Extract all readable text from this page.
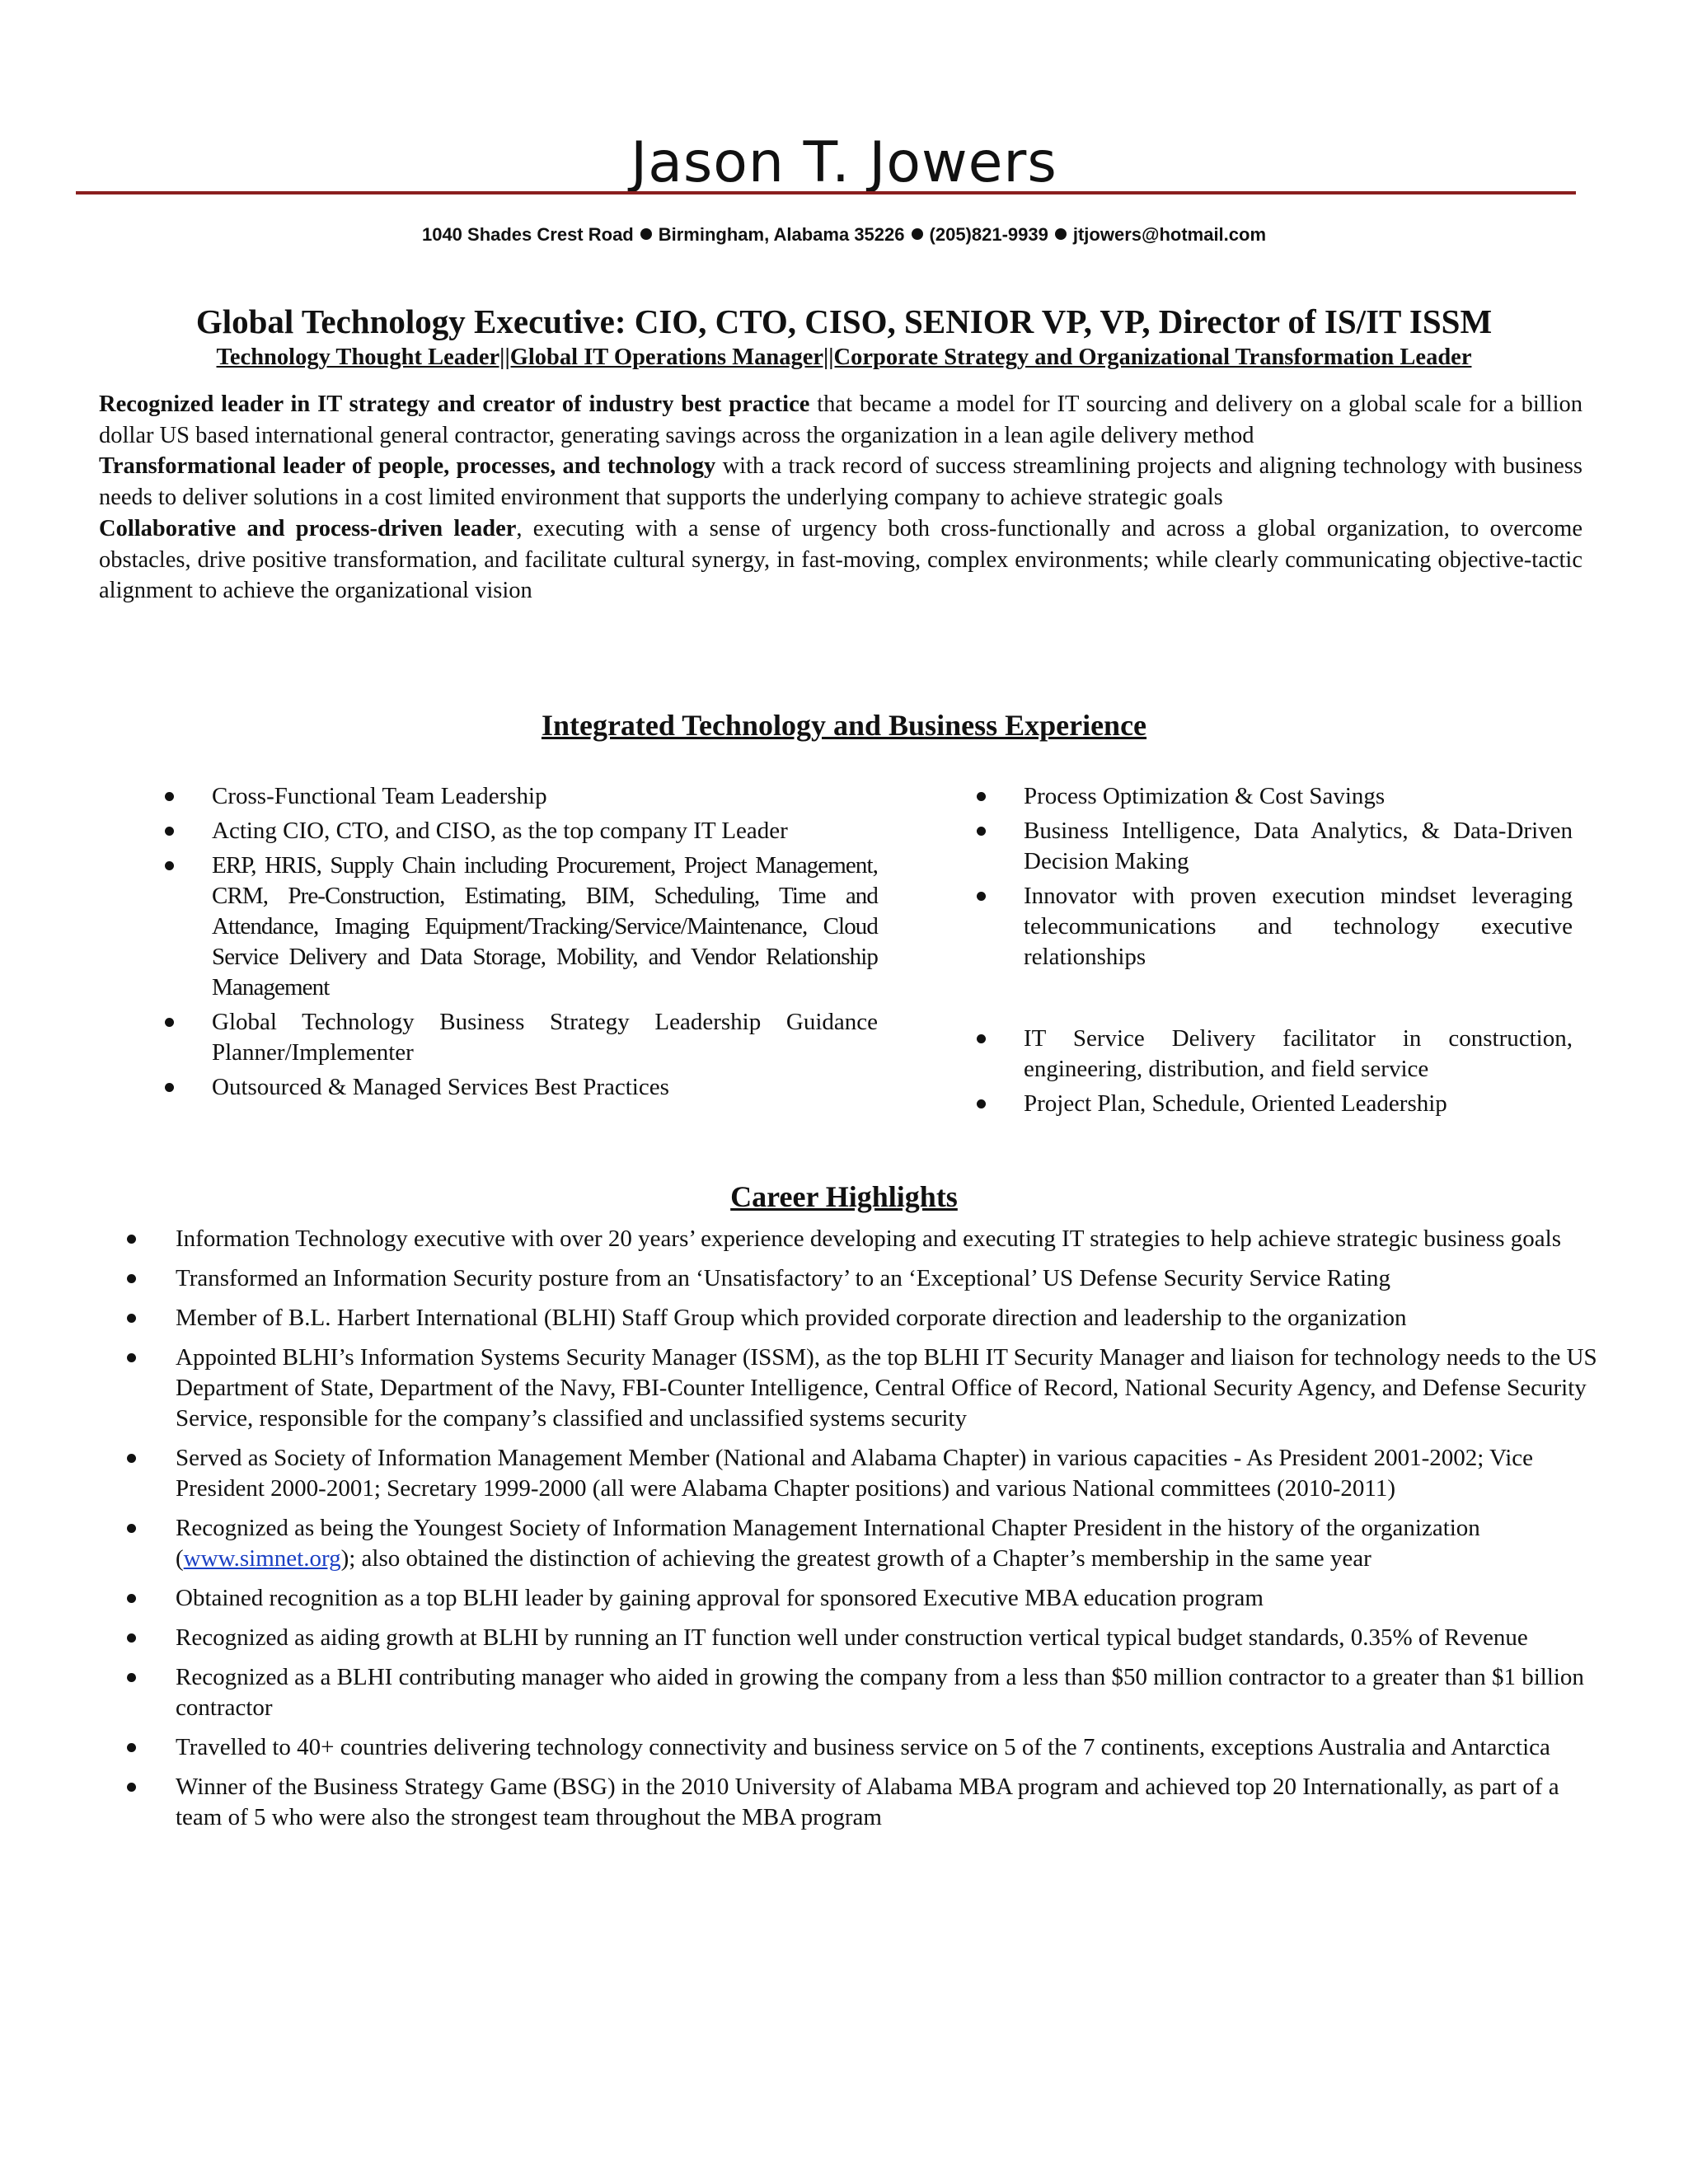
Jason T. Jowers
1040 Shades Crest Road Birmingham, Alabama 35226 (205)821-9939 jtjowers@hotmail.com
Global Technology Executive: CIO, CTO, CISO, SENIOR VP, VP, Director of IS/IT ISSM
Technology Thought Leader||Global IT Operations Manager||Corporate Strategy and Organizational Transformation Leader

Recognized leader in IT strategy and creator of industry best practice that became a model for IT sourcing and delivery on a global scale for a billion dollar US based international general contractor, generating savings across the organization in a lean agile delivery method

Transformational leader of people, processes, and technology with a track record of success streamlining projects and aligning technology with business needs to deliver solutions in a cost limited environment that supports the underlying company to achieve strategic goals

Collaborative and process-driven leader, executing with a sense of urgency both cross-functionally and across a global organization, to overcome obstacles, drive positive transformation, and facilitate cultural synergy, in fast-moving, complex environments; while clearly communicating objective-tactic alignment to achieve the organizational vision

Integrated Technology and Business Experience
Cross-Functional Team Leadership
Acting CIO, CTO, and CISO, as the top company IT Leader
ERP, HRIS, Supply Chain including Procurement, Project Management, CRM, Pre-Construction, Estimating, BIM, Scheduling, Time and Attendance, Imaging Equipment/Tracking/Service/Maintenance, Cloud Service Delivery and Data Storage, Mobility, and Vendor Relationship Management
Global Technology Business Strategy Leadership Guidance Planner/Implementer
Outsourced & Managed Services Best Practices
Process Optimization & Cost Savings
Business Intelligence, Data Analytics, & Data-Driven Decision Making
Innovator with proven execution mindset leveraging telecommunications and technology executive relationships
IT Service Delivery facilitator in construction, engineering, distribution, and field service
Project Plan, Schedule, Oriented Leadership
Career Highlights
Information Technology executive with over 20 years’ experience developing and executing IT strategies to help achieve strategic business goals
Transformed an Information Security posture from an ‘Unsatisfactory’ to an ‘Exceptional’ US Defense Security Service Rating
Member of B.L. Harbert International (BLHI) Staff Group which provided corporate direction and leadership to the organization
Appointed BLHI’s Information Systems Security Manager (ISSM), as the top BLHI IT Security Manager and liaison for technology needs to the US Department of State, Department of the Navy, FBI-Counter Intelligence, Central Office of Record, National Security Agency, and Defense Security Service, responsible for the company’s classified and unclassified systems security
Served as Society of Information Management Member (National and Alabama Chapter) in various capacities - As President 2001-2002; Vice President 2000-2001; Secretary 1999-2000 (all were Alabama Chapter positions) and various National committees (2010-2011)
Recognized as being the Youngest Society of Information Management International Chapter President in the history of the organization (www.simnet.org); also obtained the distinction of achieving the greatest growth of a Chapter’s membership in the same year
Obtained recognition as a top BLHI leader by gaining approval for sponsored Executive MBA education program
Recognized as aiding growth at BLHI by running an IT function well under construction vertical typical budget standards, 0.35% of Revenue
Recognized as a BLHI contributing manager who aided in growing the company from a less than $50 million contractor to a greater than $1 billion contractor
Travelled to 40+ countries delivering technology connectivity and business service on 5 of the 7 continents, exceptions Australia and Antarctica
Winner of the Business Strategy Game (BSG) in the 2010 University of Alabama MBA program and achieved top 20 Internationally, as part of a team of 5 who were also the strongest team throughout the MBA program
